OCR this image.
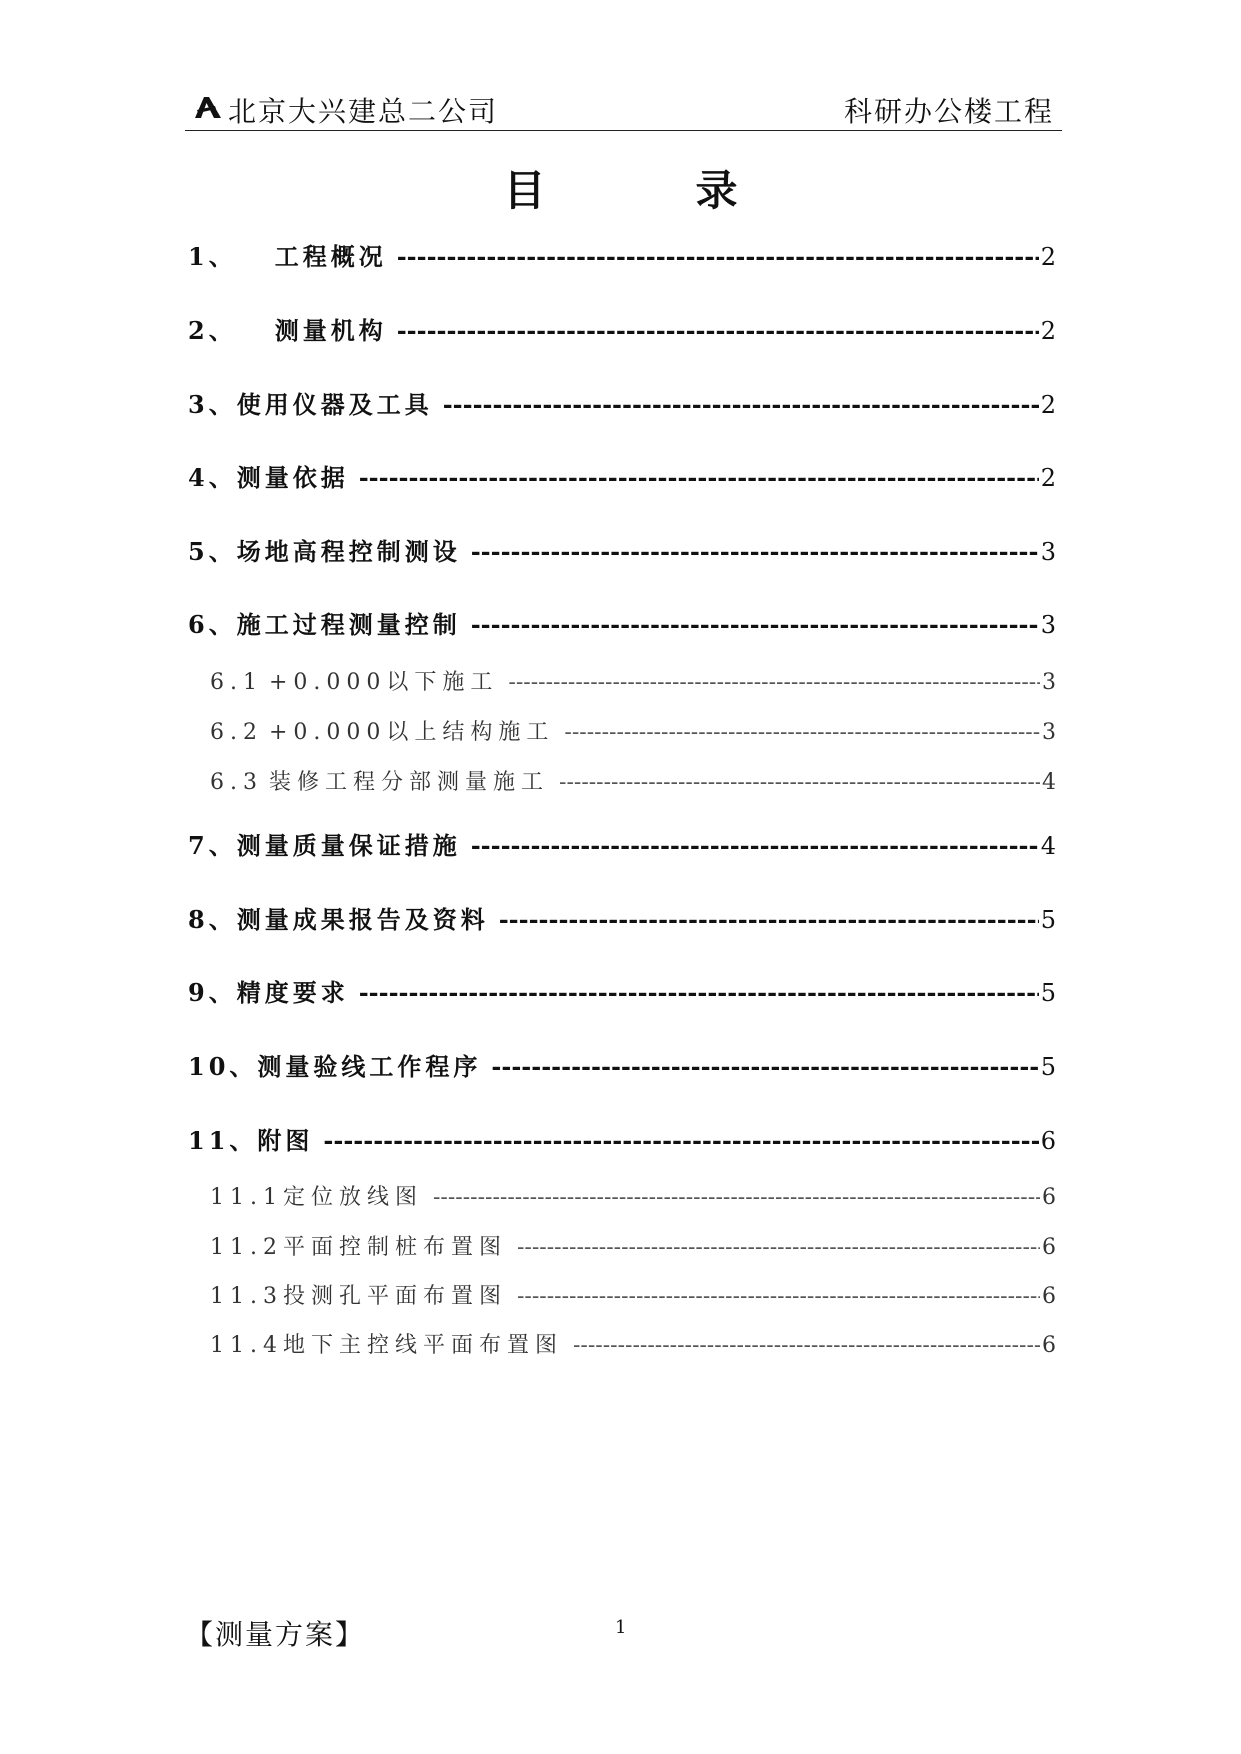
北京大兴建总二公司	科研办公楼工程
目录
1、 工程概况 -----	2
2、 测量机构 -----	2
3、 使用仪器及工具 -----	2
4、 测量依据 -----	2
5、 场地高程控制测设 -----	3
6、 施工过程测量控制 -----	3
6.1 +0.000以下施工 -----	3
6.2 +0.000以上结构施工 -----	3
6.3 装修工程分部测量施工 -----	4
7、 测量质量保证措施 -----	4
8、 测量成果报告及资料 -----	5
9、 精度要求 -----	5
10、 测量验线工作程序 -----	5
11、 附图 -----	6
11.1 定位放线图 -----	6
11.2 平面控制桩布置图 -----	6
11.3 投测孔平面布置图 -----	6
11.4 地下主控线平面布置图 -----	6
【测量方案】	1
